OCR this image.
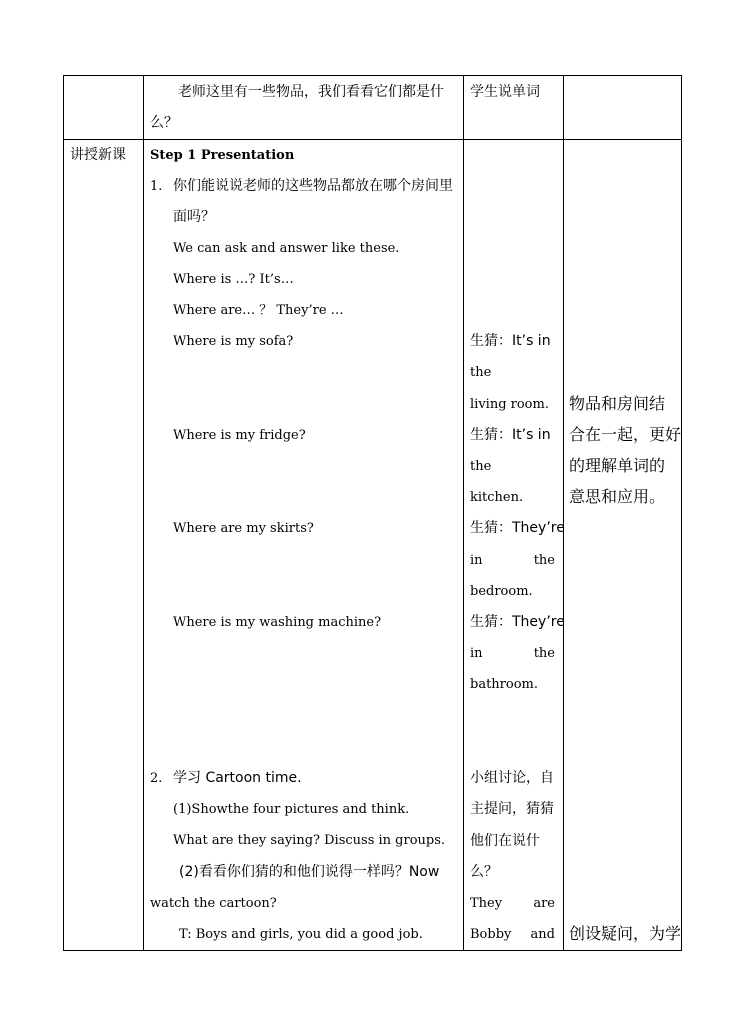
老师这里有一些物品，我们看看它们都是什
么？
学生说单词
讲授新课 Step 1 Presentation
1. 你们能说说老师的这些物品都放在哪个房间里
面吗？
We can ask and answer like these.
Where is …? It’s…
Where are… ？ They’re …
Where is my sofa?
Where is my fridge?
Where are my skirts?
Where is my washing machine?
2. 学习 Cartoon time.
(1)Showthe four pictures and think.
What are they saying? Discuss in groups.
(2)看看你们猜的和他们说得一样吗？Now
watch the cartoon?
T: Boys and girls, you did a good job.
生猜：It’s in
the
living room.
生猜：It’s in
the
kitchen.
生猜：They’re
in	the
bedroom.
生猜：They’re
in	the
bathroom.
小组讨论，自
主提问，猜猜
他们在说什
么？
They are
Bobby and
物品和房间结
合在一起，更好
的理解单词的
意思和应用。
创设疑问，为学
